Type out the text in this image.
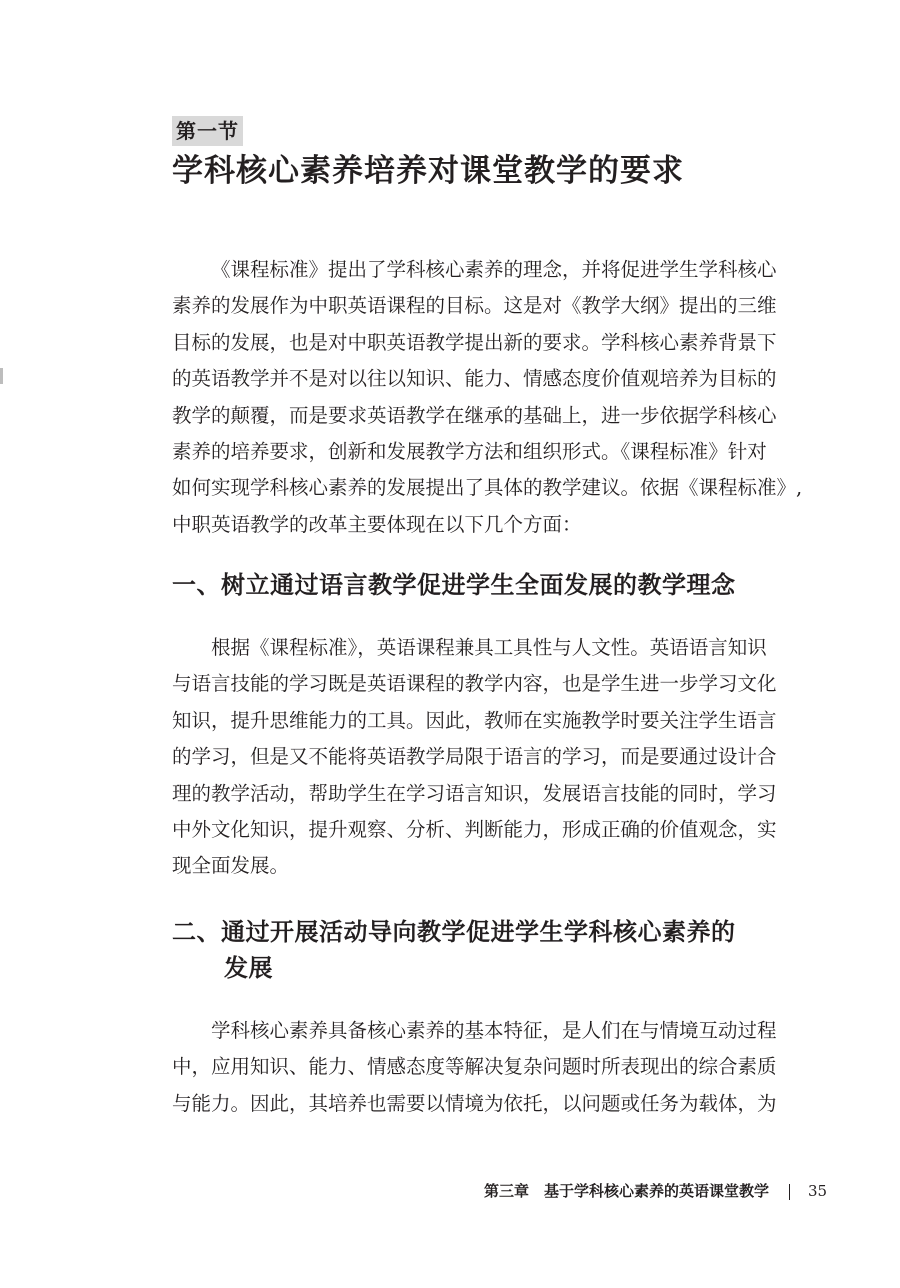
第一节
学科核心素养培养对课堂教学的要求
《课程标准》提出了学科核心素养的理念，并将促进学生学科核心
素养的发展作为中职英语课程的目标。这是对《教学大纲》提出的三维
目标的发展，也是对中职英语教学提出新的要求。学科核心素养背景下
的英语教学并不是对以往以知识、能力、情感态度价值观培养为目标的
教学的颠覆，而是要求英语教学在继承的基础上，进一步依据学科核心
素养的培养要求，创新和发展教学方法和组织形式。《课程标准》针对
如何实现学科核心素养的发展提出了具体的教学建议。依据《课程标准》,
中职英语教学的改革主要体现在以下几个方面：
一、树立通过语言教学促进学生全面发展的教学理念
根据《课程标准》，英语课程兼具工具性与人文性。英语语言知识
与语言技能的学习既是英语课程的教学内容，也是学生进一步学习文化
知识，提升思维能力的工具。因此，教师在实施教学时要关注学生语言
的学习，但是又不能将英语教学局限于语言的学习，而是要通过设计合
理的教学活动，帮助学生在学习语言知识，发展语言技能的同时，学习
中外文化知识，提升观察、分析、判断能力，形成正确的价值观念，实
现全面发展。
二、通过开展活动导向教学促进学生学科核心素养的
发展
学科核心素养具备核心素养的基本特征，是人们在与情境互动过程
中，应用知识、能力、情感态度等解决复杂问题时所表现出的综合素质
与能力。因此，其培养也需要以情境为依托，以问题或任务为载体，为
第三章　基于学科核心素养的英语课堂教学	35
